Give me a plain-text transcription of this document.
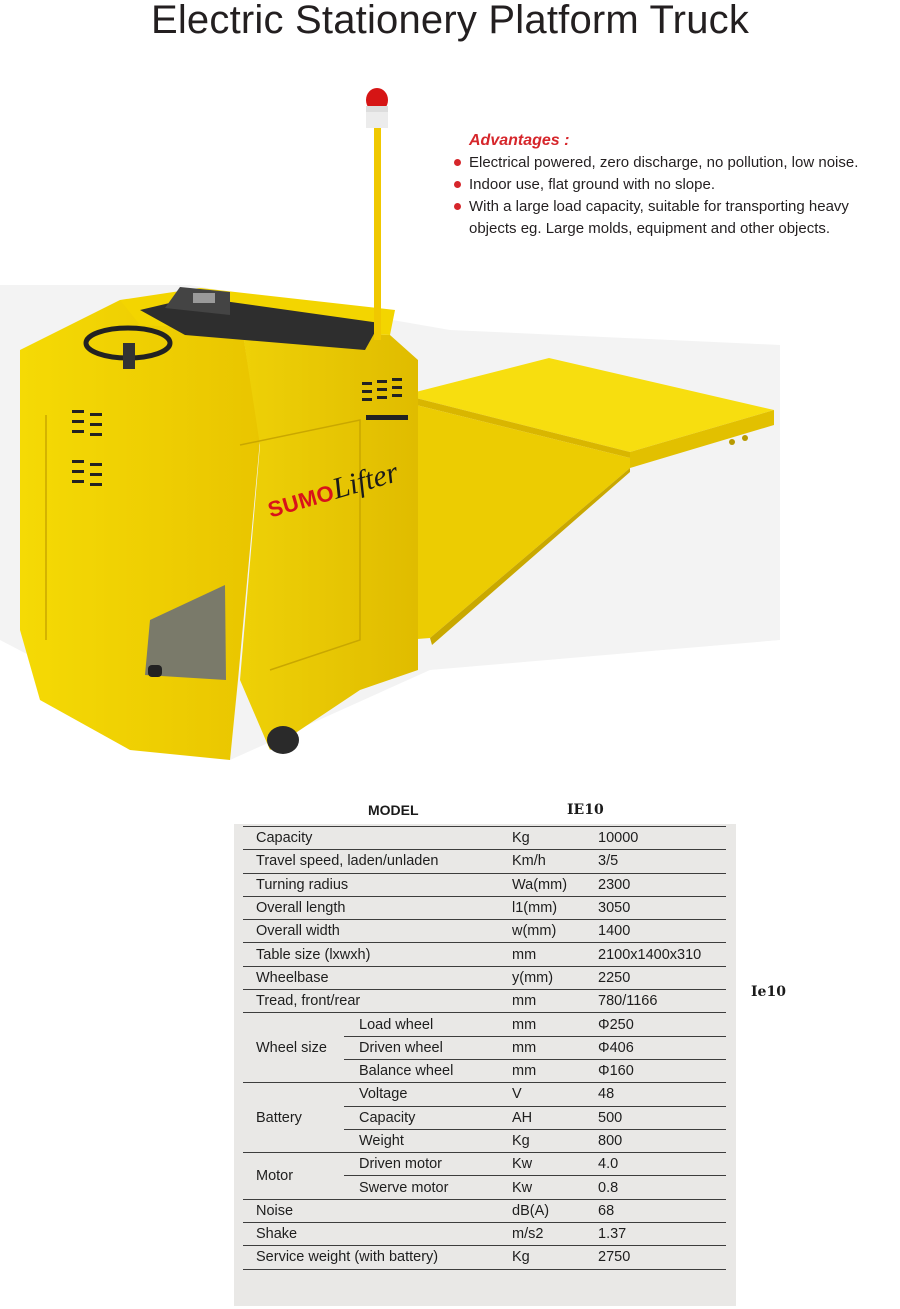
Electric Stationery Platform Truck
SUMOLifter
Advantages :
Electrical powered, zero discharge, no pollution, low noise.
Indoor use, flat ground with no slope.
With a large load capacity, suitable for transporting heavy objects eg. Large molds, equipment and other objects.
MODEL	IE10
Ie10
Capacity		Kg	10000
Travel speed, laden/unladen		Km/h	3/5
Turning radius		Wa(mm)	2300
Overall length		l1(mm)	3050
Overall width		w(mm)	1400
Table size (lxwxh)		mm	2100x1400x310
Wheelbase		y(mm)	2250
Tread, front/rear		mm	780/1166
Wheel size	Load wheel	mm	Φ250
	Driven wheel	mm	Φ406
	Balance wheel	mm	Φ160
Battery	Voltage	V	48
	Capacity	AH	500
	Weight	Kg	800
Motor	Driven motor	Kw	4.0
	Swerve motor	Kw	0.8
Noise		dB(A)	68
Shake		m/s2	1.37
Service weight (with battery)		Kg	2750
